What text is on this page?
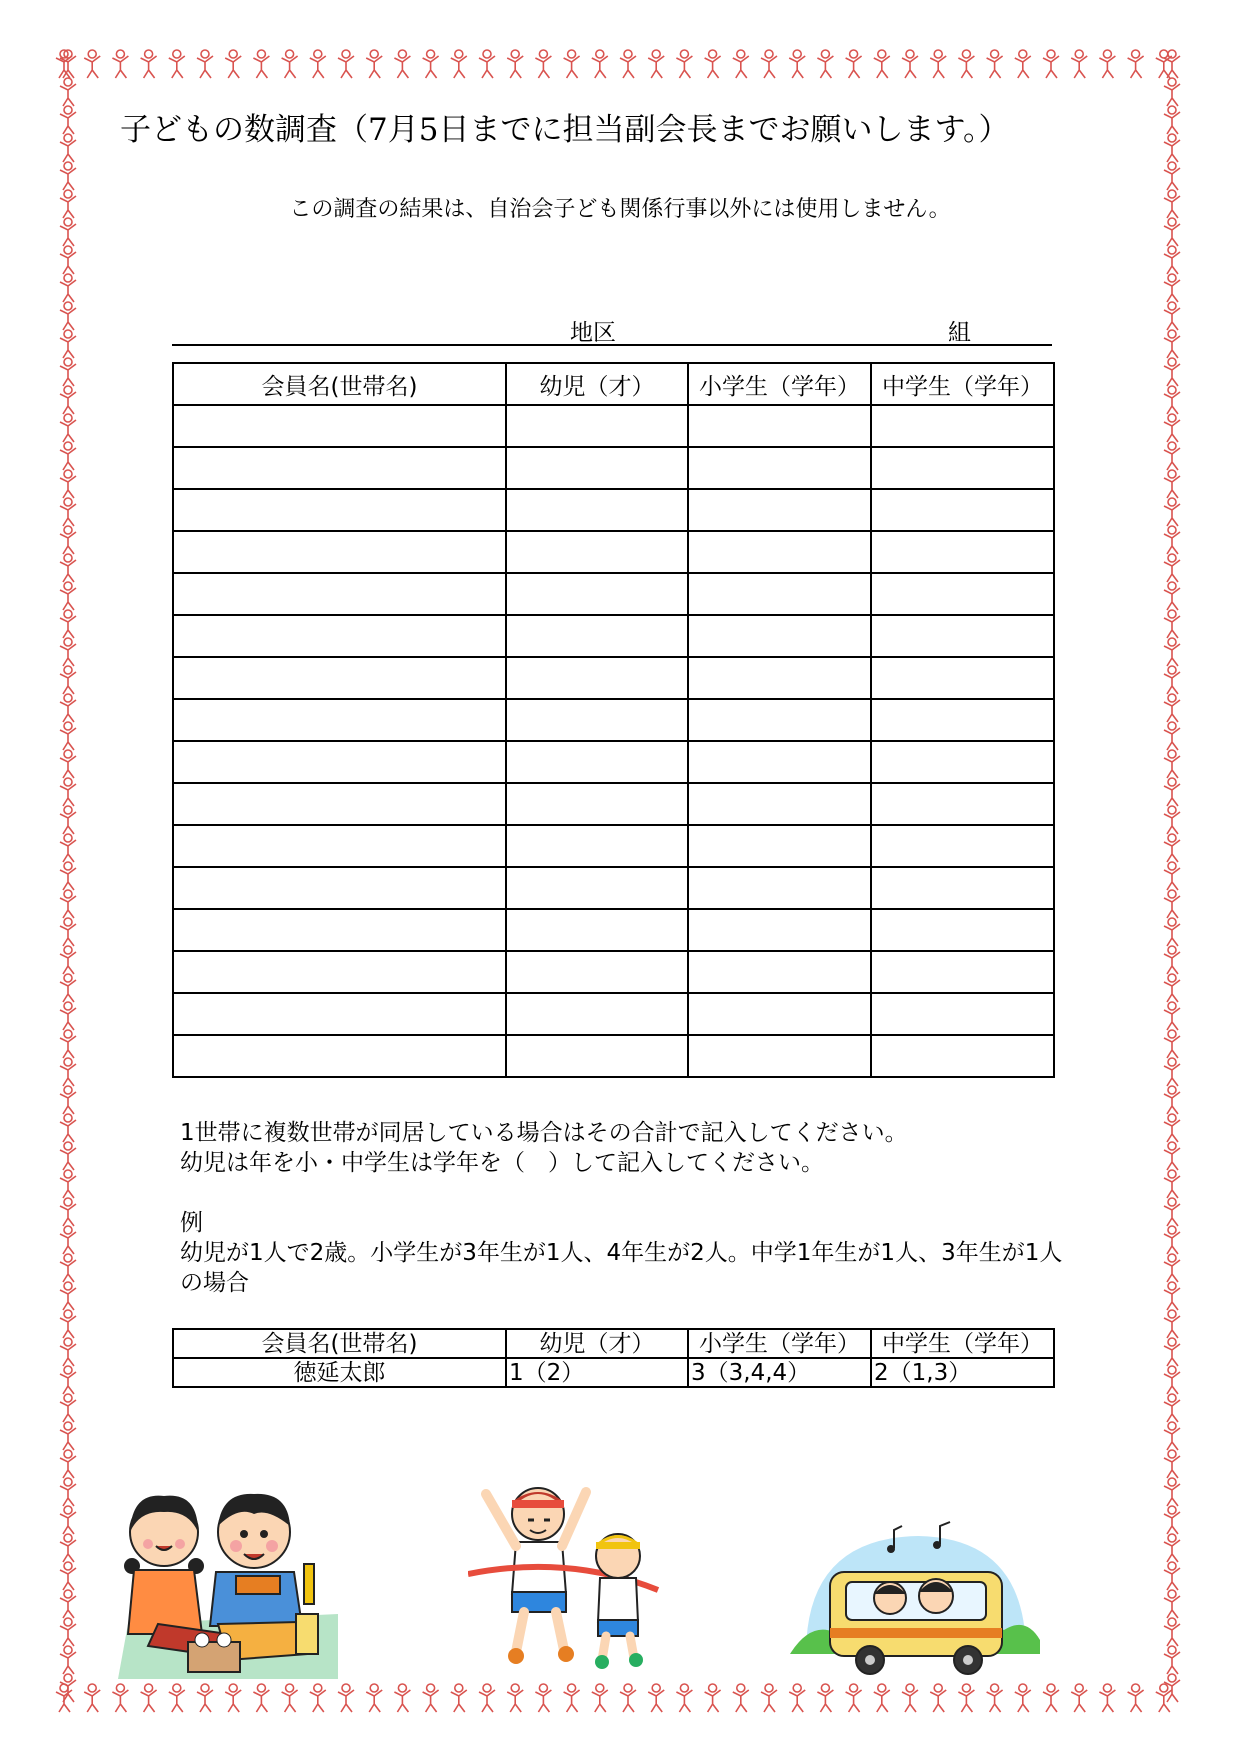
子どもの数調査（7月5日までに担当副会長までお願いします。）
この調査の結果は、自治会子ども関係行事以外には使用しません。
地区	組
会員名(世帯名)	幼児（才）	小学生（学年）	中学生（学年）

1世帯に複数世帯が同居している場合はその合計で記入してください。

幼児は年を小・中学生は学年を（　）して記入してください。

例

幼児が1人で2歳。小学生が3年生が1人、4年生が2人。中学1年生が1人、3年生が1人の場合

会員名(世帯名)	幼児（才）	小学生（学年）	中学生（学年）
徳延太郎	1（2）	3（3,4,4）	2（1,3）
